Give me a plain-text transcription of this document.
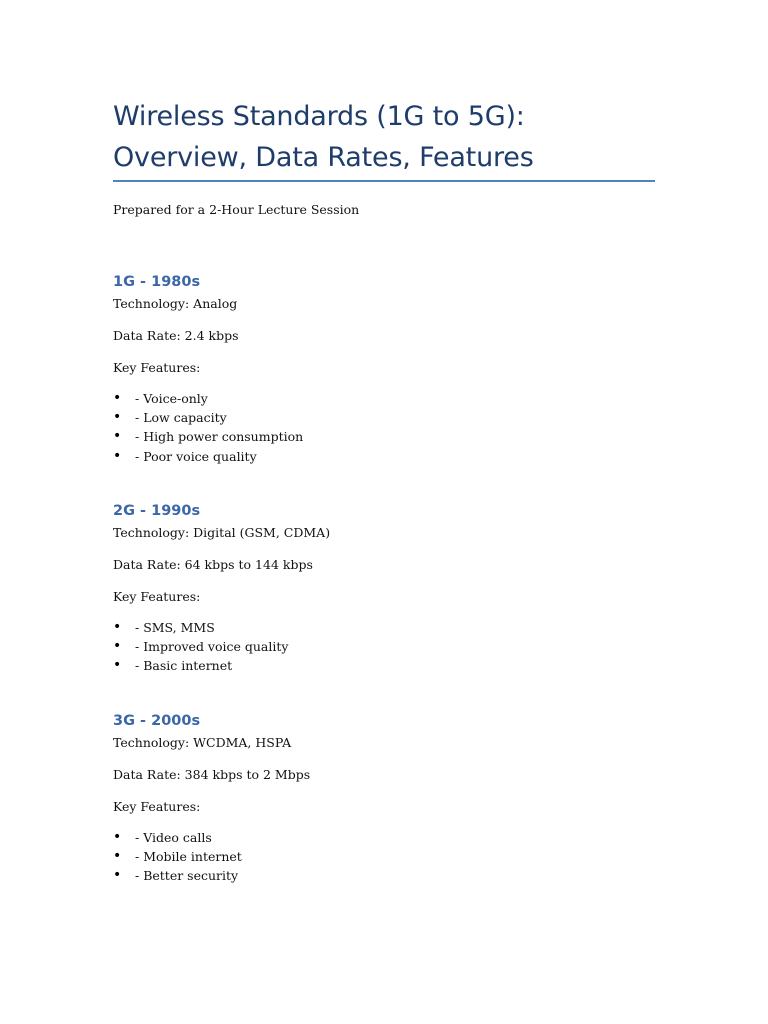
Wireless Standards (1G to 5G):
Overview, Data Rates, Features

Prepared for a 2-Hour Lecture Session

1G - 1980s

Technology: Analog

Data Rate: 2.4 kbps

Key Features:

• - Voice-only
• - Low capacity
• - High power consumption
• - Poor voice quality
2G - 1990s

Technology: Digital (GSM, CDMA)

Data Rate: 64 kbps to 144 kbps

Key Features:

• - SMS, MMS
• - Improved voice quality
• - Basic internet
3G - 2000s

Technology: WCDMA, HSPA

Data Rate: 384 kbps to 2 Mbps

Key Features:

• - Video calls
• - Mobile internet
• - Better security
